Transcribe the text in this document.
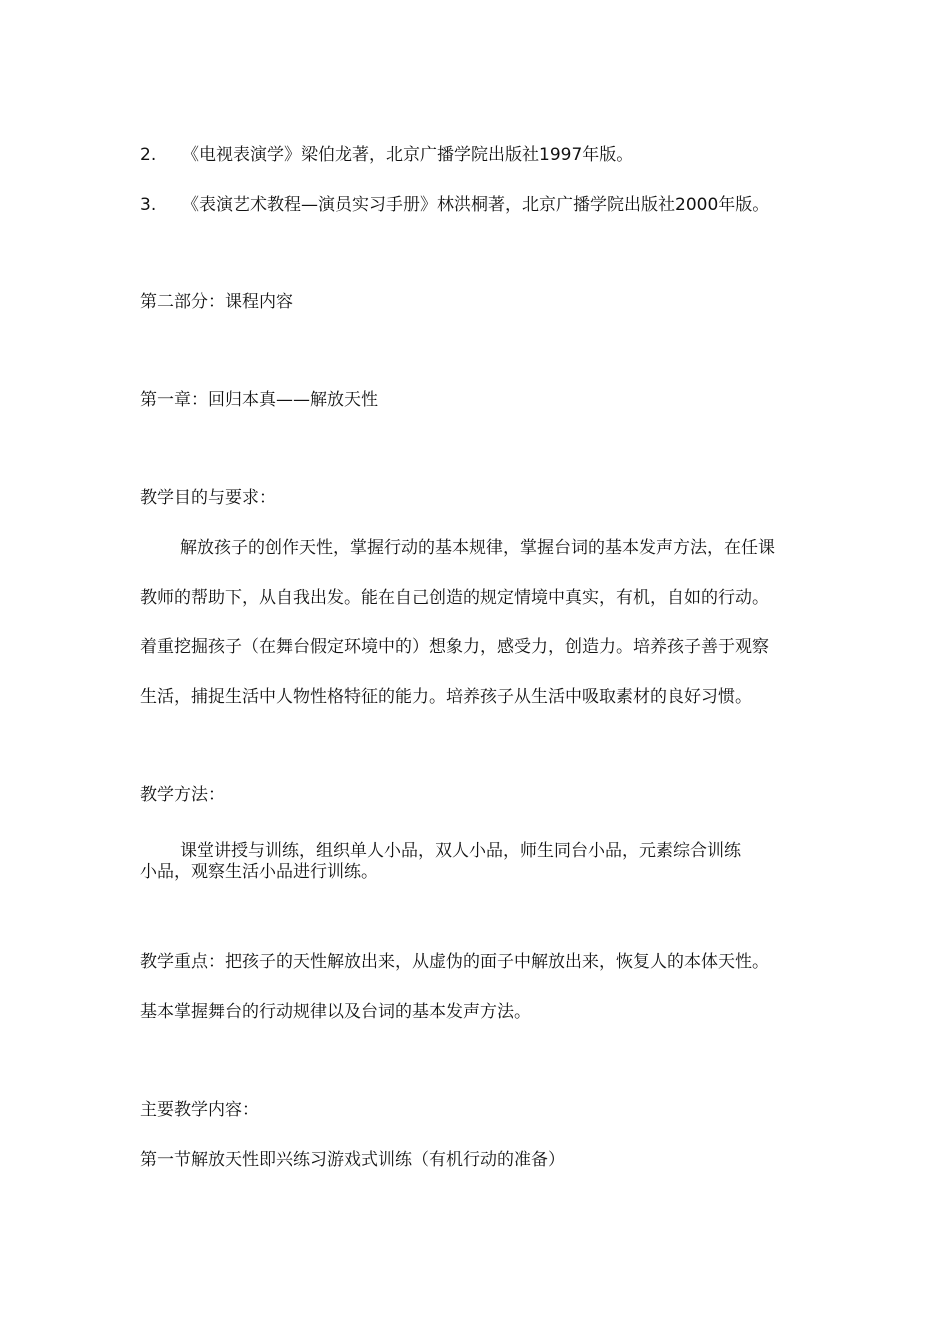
2. 《电视表演学》梁伯龙著，北京广播学院出版社1997年版。
3. 《表演艺术教程—演员实习手册》林洪桐著，北京广播学院出版社2000年版。
第二部分：课程内容
第一章：回归本真——解放天性
教学目的与要求：
解放孩子的创作天性，掌握行动的基本规律，掌握台词的基本发声方法，在任课
教师的帮助下，从自我出发。能在自己创造的规定情境中真实，有机，自如的行动。
着重挖掘孩子（在舞台假定环境中的）想象力，感受力，创造力。培养孩子善于观察
生活，捕捉生活中人物性格特征的能力。培养孩子从生活中吸取素材的良好习惯。
教学方法：
课堂讲授与训练，组织单人小品，双人小品，师生同台小品，元素综合训练
小品，观察生活小品进行训练。
教学重点：把孩子的天性解放出来，从虚伪的面子中解放出来，恢复人的本体天性。
基本掌握舞台的行动规律以及台词的基本发声方法。
主要教学内容：
第一节解放天性即兴练习游戏式训练（有机行动的准备）
